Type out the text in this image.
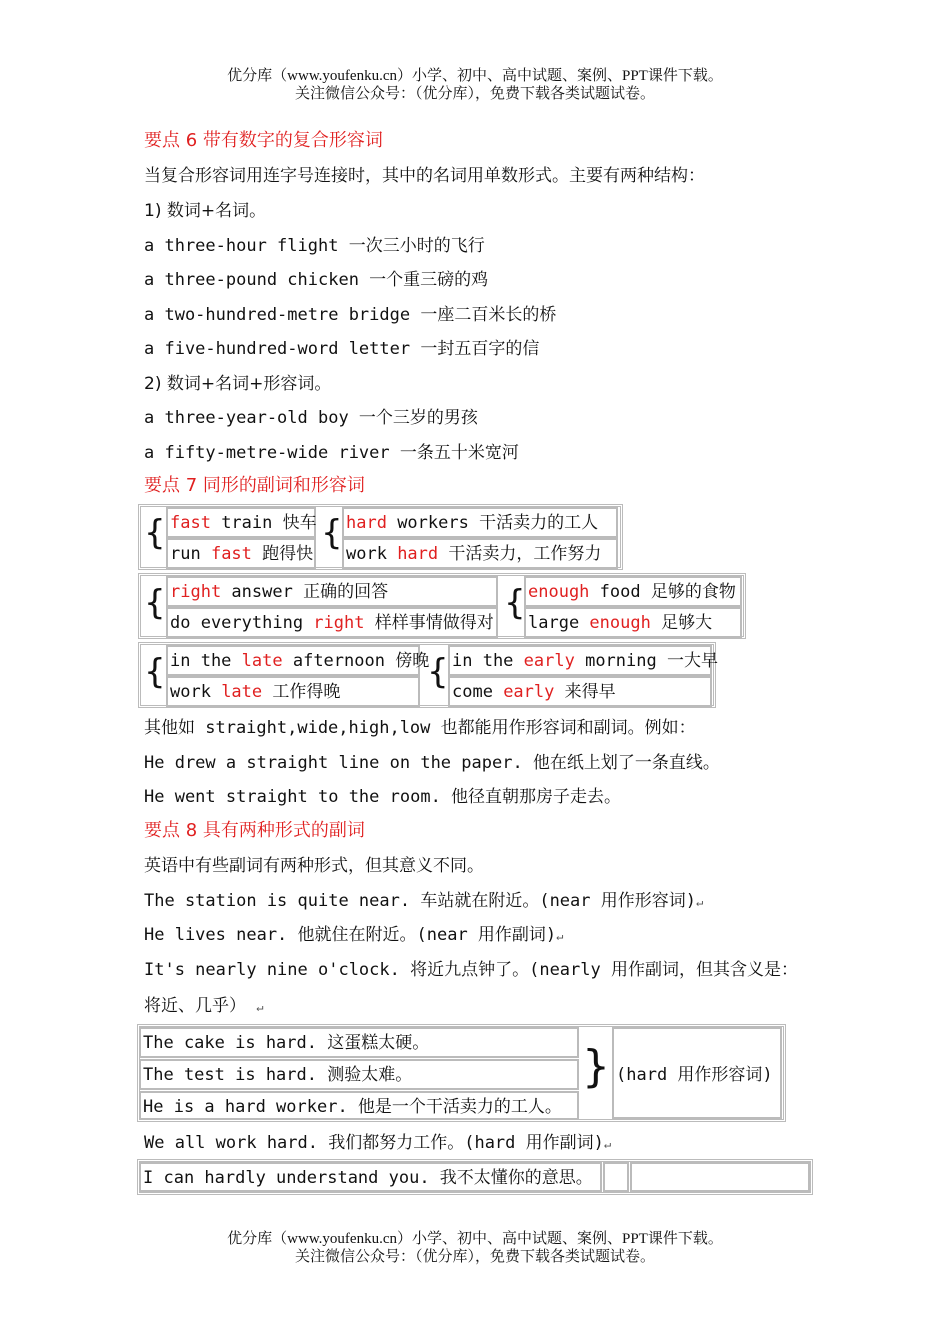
优分库（www.youfenku.cn）小学、初中、高中试题、案例、PPT课件下载。
关注微信公众号：（优分库），免费下载各类试题试卷。
要点 6 带有数字的复合形容词
当复合形容词用连字号连接时，其中的名词用单数形式。主要有两种结构：
1) 数词+名词。
a three-hour flight 一次三小时的飞行
a three-pound chicken 一个重三磅的鸡
a two-hundred-metre bridge 一座二百米长的桥
a five-hundred-word letter 一封五百字的信
2) 数词+名词+形容词。
a three-year-old boy 一个三岁的男孩
a fifty-metre-wide river 一条五十米宽河
要点 7 同形的副词和形容词
{ fast train 快车
run fast 跑得快
{ hard workers 干活卖力的工人
work hard 干活卖力，工作努力
{ right answer 正确的回答
do everything right 样样事情做得对 { enough food 足够的食物
large enough 足够大
{ in the late afternoon 傍晚
work late 工作得晚	{ in the early morning 一大早
come early 来得早
其他如 straight,wide,high,low 也都能用作形容词和副词。例如：
He drew a straight line on the paper. 他在纸上划了一条直线。
He went straight to the room. 他径直朝那房子走去。
要点 8 具有两种形式的副词
英语中有些副词有两种形式，但其意义不同。
The station is quite near. 车站就在附近。(near 用作形容词)↵
He lives near. 他就住在附近。(near 用作副词)↵
It's nearly nine o'clock. 将近九点钟了。(nearly 用作副词，但其含义是：
将近、几乎） ↵
The cake is hard. 这蛋糕太硬。
The test is hard. 测验太难。
He is a hard worker. 他是一个干活卖力的工人。
} (hard 用作形容词)
We all work hard. 我们都努力工作。(hard 用作副词)↵
I can hardly understand you. 我不太懂你的意思。
优分库（www.youfenku.cn）小学、初中、高中试题、案例、PPT课件下载。
关注微信公众号：（优分库），免费下载各类试题试卷。
